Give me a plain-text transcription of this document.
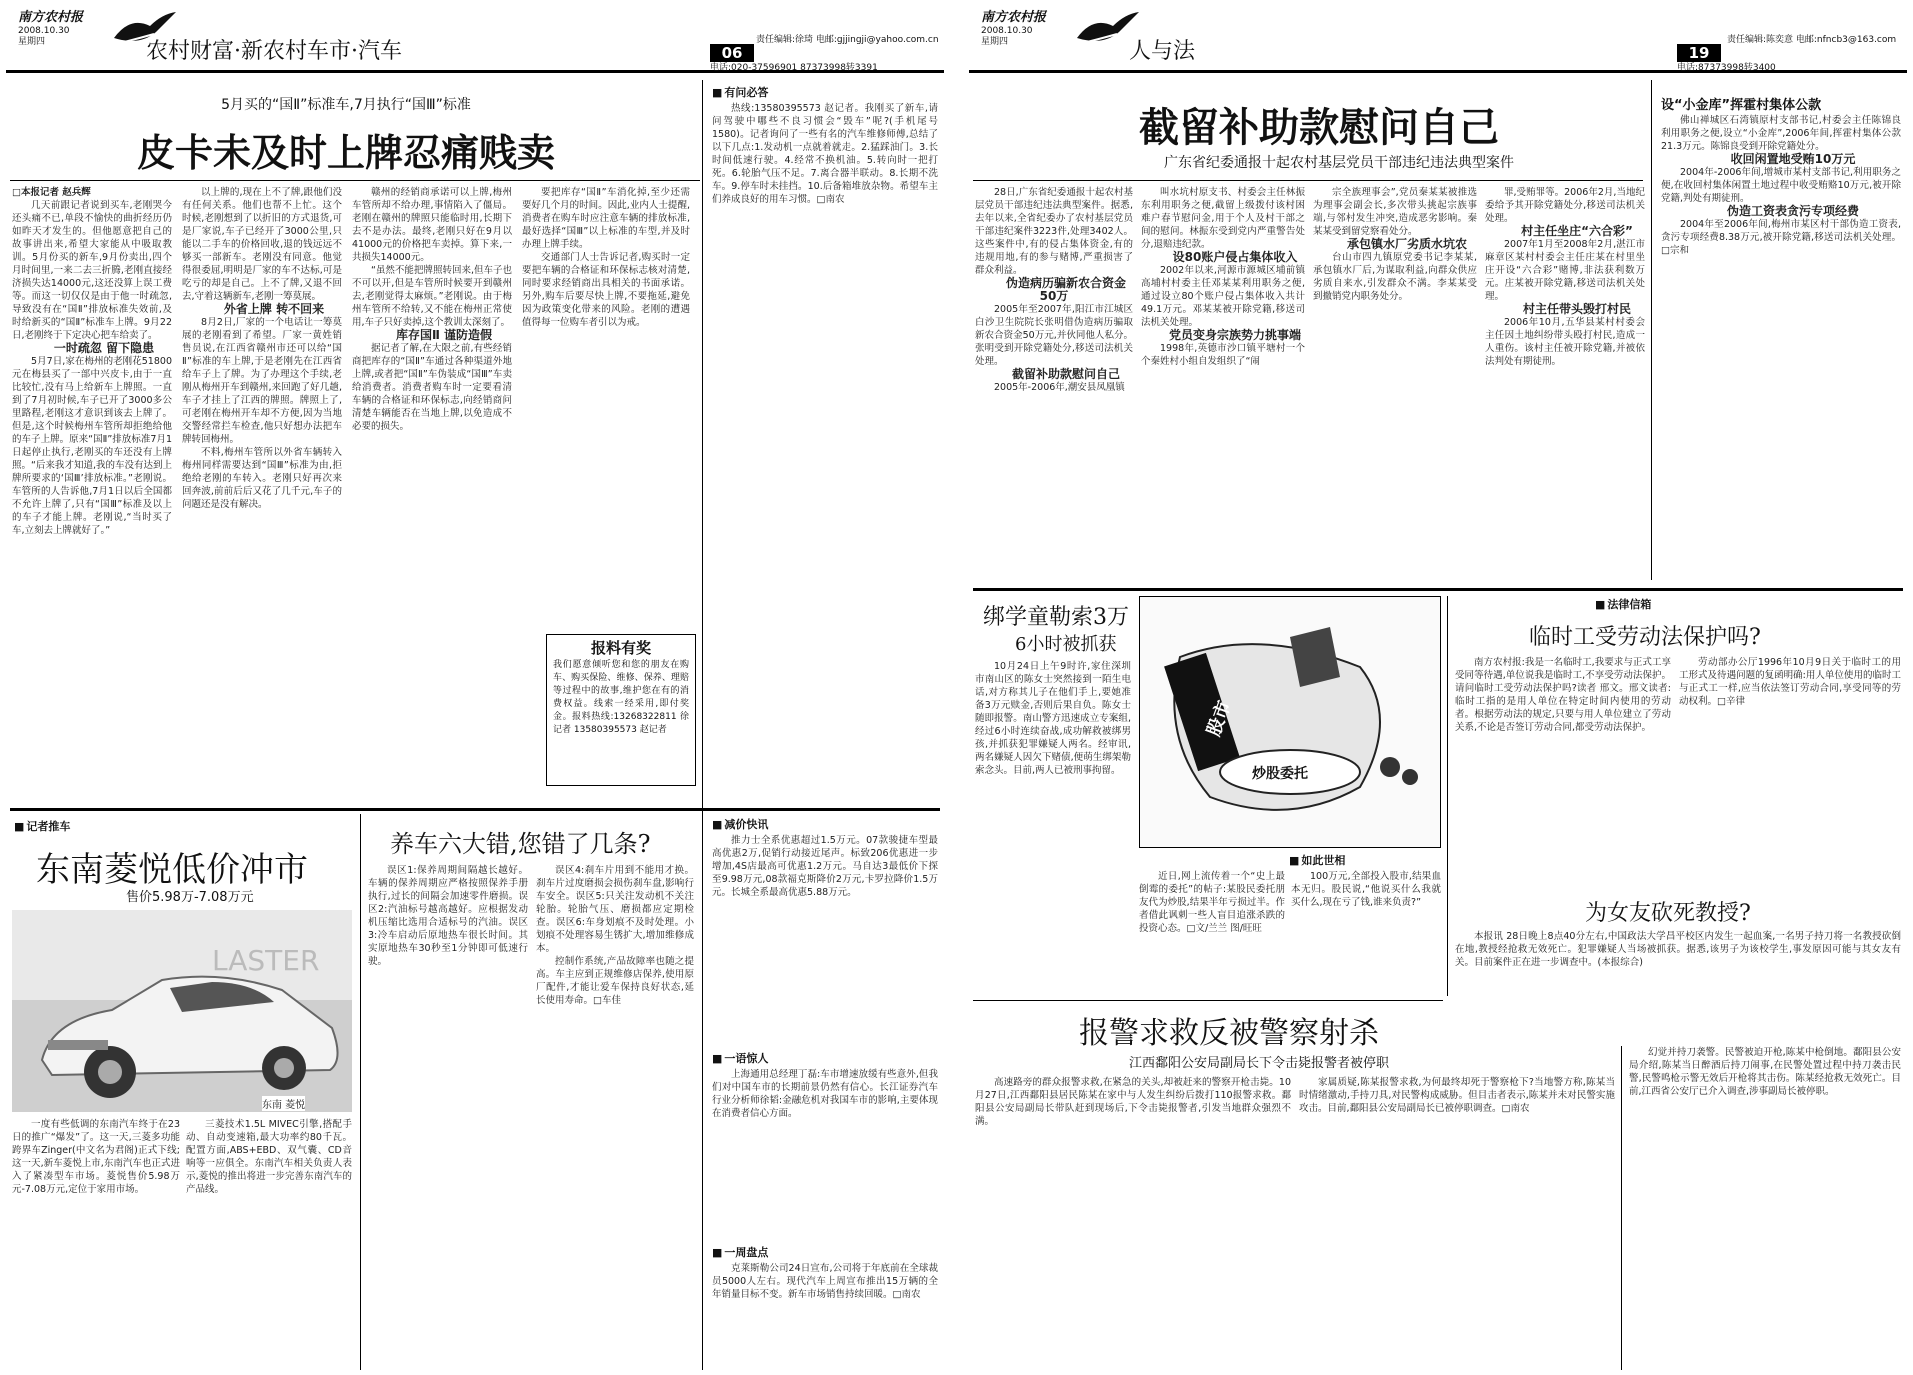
南方农村报
2008.10.30
星期四	农村财富·新农村车市·汽车	06
责任编辑:徐琦 电邮:gjjingji@yahoo.com.cn
电话:020-37596901 87373998转3391
5月买的“国Ⅱ”标准车,7月执行“国Ⅲ”标准
皮卡未及时上牌忍痛贱卖

□本报记者 赵兵辉

几天前跟记者说到买车,老刚哭今还头痛不已,单段不愉快的曲折经历仍如昨天才发生的。但他愿意把自己的故事讲出来,希望大家能从中吸取教训。5月份买的新车,9月份卖出,四个月时间里,一来二去三折腾,老刚直接经济损失达14000元,这还没算上误工费等。而这一切仅仅是由于他一时疏忽,导致没有在“国Ⅱ”排放标准失效前,及时给新买的“国Ⅱ”标准车上牌。9月22日,老刚终于下定决心把车给卖了。

一时疏忽 留下隐患

5月7日,家在梅州的老刚花51800元在梅县买了一部中兴皮卡,由于一直比较忙,没有马上给新车上牌照。一直到了7月初时候,车子已开了3000多公里路程,老刚这才意识到该去上牌了。但是,这个时候梅州车管所却拒绝给他的车子上牌。原来“国Ⅱ”排放标准7月1日起停止执行,老刚买的车还没有上牌照。“后来我才知道,我的车没有达到上牌所要求的‘国Ⅲ’排放标准。”老刚说。车管所的人告诉他,7月1日以后全国都不允许上牌了,只有“国Ⅲ”标准及以上的车子才能上牌。老刚说,“当时买了车,立刻去上牌就好了。”

以上牌的,现在上不了牌,跟他们没有任何关系。他们也帮不上忙。这个时候,老刚想到了以折旧的方式退货,可是厂家说,车子已经开了3000公里,只能以二手车的价格回收,退的钱远远不够买一部新车。老刚没有同意。他觉得很委屈,明明是厂家的车不达标,可是吃亏的却是自己。上不了牌,又退不回去,守着这辆新车,老刚一筹莫展。

外省上牌 转不回来

8月2日,厂家的一个电话让一筹莫展的老刚看到了希望。厂家一黄姓销售员说,在江西省赣州市还可以给“国Ⅱ”标准的车上牌,于是老刚先在江西省给车子上了牌。为了办理这个手续,老刚从梅州开车到赣州,来回跑了好几趟,车子才挂上了江西的牌照。牌照上了,可老刚在梅州开车却不方便,因为当地交警经常拦车检查,他只好想办法把车牌转回梅州。

不料,梅州车管所以外省车辆转入梅州同样需要达到“国Ⅲ”标准为由,拒绝给老刚的车转入。老刚只好再次来回奔波,前前后后又花了几千元,车子的问题还是没有解决。

赣州的经销商承诺可以上牌,梅州车管所却不给办理,事情陷入了僵局。老刚在赣州的牌照只能临时用,长期下去不是办法。最终,老刚只好在9月以41000元的价格把车卖掉。算下来,一共损失14000元。

“虽然不能把牌照转回来,但车子也不可以开,但是车管所时候要开到赣州去,老刚觉得太麻烦。”老刚说。由于梅州车管所不给转,又不能在梅州正常使用,车子只好卖掉,这个教训太深刻了。

库存国Ⅱ 谨防造假

据记者了解,在大限之前,有些经销商把库存的“国Ⅱ”车通过各种渠道外地上牌,或者把“国Ⅱ”车伪装成“国Ⅲ”车卖给消费者。消费者购车时一定要看清车辆的合格证和环保标志,向经销商问清楚车辆能否在当地上牌,以免造成不必要的损失。

要把库存“国Ⅱ”车消化掉,至少还需要好几个月的时间。因此,业内人士提醒,消费者在购车时应注意车辆的排放标准,最好选择“国Ⅲ”以上标准的车型,并及时办理上牌手续。

交通部门人士告诉记者,购买时一定要把车辆的合格证和环保标志核对清楚,同时要求经销商出具相关的书面承诺。另外,购车后要尽快上牌,不要拖延,避免因为政策变化带来的风险。老刚的遭遇值得每一位购车者引以为戒。

报料有奖
我们愿意倾听您和您的朋友在购车、购买保险、维修、保养、理赔等过程中的故事,维护您在有的消费权益。线索一经采用,即付奖金。报料热线:13268322811 徐记者 13580395573 赵记者
■ 有问必答

热线:13580395573 赵记者。我刚买了新车,请问驾驶中哪些不良习惯会“毁车”呢?(手机尾号1580)。记者询问了一些有名的汽车维修师傅,总结了以下几点:1.发动机一点就着就走。2.猛踩油门。3.长时间低速行驶。4.经常不换机油。5.转向时一把打死。6.轮胎气压不足。7.离合器半联动。8.长期不洗车。9.停车时未挂挡。10.后备箱堆放杂物。希望车主们养成良好的用车习惯。□南农

■ 记者推车
东南菱悦低价冲市
售价5.98万-7.08万元
LASTER
东南 菱悦

一度有些低调的东南汽车终于在23日的推广“爆发”了。这一天,三菱多功能跨界车Zinger(中文名为君阁)正式下线;这一天,新车菱悦上市,东南汽车也正式进入了紧凑型车市场。菱悦售价5.98万元-7.08万元,定位于家用市场。

三菱技术1.5L MIVEC引擎,搭配手动、自动变速箱,最大功率约80千瓦。配置方面,ABS+EBD、双气囊、CD音响等一应俱全。东南汽车相关负责人表示,菱悦的推出将进一步完善东南汽车的产品线。

养车六大错,您错了几条?

误区1:保养周期间隔越长越好。车辆的保养周期应严格按照保养手册执行,过长的间隔会加速零件磨损。误区2:汽油标号越高越好。应根据发动机压缩比选用合适标号的汽油。误区3:冷车启动后原地热车很长时间。其实原地热车30秒至1分钟即可低速行驶。

误区4:刹车片用到不能用才换。刹车片过度磨损会损伤刹车盘,影响行车安全。误区5:只关注发动机不关注轮胎。轮胎气压、磨损都应定期检查。误区6:车身划痕不及时处理。小划痕不处理容易生锈扩大,增加维修成本。

控制作系统,产品故障率也随之提高。车主应到正规维修店保养,使用原厂配件,才能让爱车保持良好状态,延长使用寿命。□车佳

■ 减价快讯

推力士全系优惠超过1.5万元。07款骏捷车型最高优惠2万,促销行动接近尾声。标致206优惠进一步增加,4S店最高可优惠1.2万元。马自达3最低价下探至9.98万元,08款福克斯降价2万元,卡罗拉降价1.5万元。长城全系最高优惠5.88万元。

■ 一语惊人

上海通用总经理丁磊:车市增速放缓有些意外,但我们对中国车市的长期前景仍然有信心。长江证券汽车行业分析师徐韬:金融危机对我国车市的影响,主要体现在消费者信心方面。

■ 一周盘点

克莱斯勒公司24日宣布,公司将于年底前在全球裁员5000人左右。现代汽车上周宣布推出15万辆的全年销量目标不变。新车市场销售持续回暖。□南农

南方农村报
2008.10.30
星期四	人与法	19
责任编辑:陈奕意 电邮:nfncb3@163.com
电话:87373998转3400
截留补助款慰问自己
广东省纪委通报十起农村基层党员干部违纪违法典型案件

28日,广东省纪委通报十起农村基层党员干部违纪违法典型案件。据悉,去年以来,全省纪委办了农村基层党员干部违纪案件3223件,处理3402人。这些案件中,有的侵占集体资金,有的违规用地,有的参与赌博,严重损害了群众利益。

伪造病历骗新农合资金50万

2005年至2007年,阳江市江城区白沙卫生院院长张明借伪造病历骗取新农合资金50万元,并伙同他人私分。张明受到开除党籍处分,移送司法机关处理。

截留补助款慰问自己

2005年-2006年,潮安县凤凰镇

叫水坑村原支书、村委会主任林振东利用职务之便,截留上级拨付该村困难户春节慰问金,用于个人及村干部之间的慰问。林振东受到党内严重警告处分,退赔违纪款。

设80账户侵占集体收入

2002年以来,河源市源城区埔前镇高埔村村委主任邓某某利用职务之便,通过设立80个账户侵占集体收入共计49.1万元。邓某某被开除党籍,移送司法机关处理。

党员变身宗族势力挑事端

1998年,英德市沙口镇平塘村一个个秦姓村小组自发组织了“闹

宗全族理事会”,党员秦某某被推选为理事会副会长,多次带头挑起宗族事端,与邻村发生冲突,造成恶劣影响。秦某某受到留党察看处分。

承包镇水厂劣质水坑农

台山市四九镇原党委书记李某某,承包镇水厂后,为谋取利益,向群众供应劣质自来水,引发群众不满。李某某受到撤销党内职务处分。

罪,受贿罪等。2006年2月,当地纪委给予其开除党籍处分,移送司法机关处理。

村主任坐庄“六合彩”

2007年1月至2008年2月,湛江市麻章区某村村委会主任庄某在村里坐庄开设“六合彩”赌博,非法获利数万元。庄某被开除党籍,移送司法机关处理。

村主任带头毁打村民

2006年10月,五华县某村村委会主任因土地纠纷带头殴打村民,造成一人重伤。该村主任被开除党籍,并被依法判处有期徒刑。

设“小金库”挥霍村集体公款

佛山禅城区石湾镇原村支部书记,村委会主任陈锦良利用职务之便,设立“小金库”,2006年间,挥霍村集体公款21.3万元。陈锦良受到开除党籍处分。

收回闲置地受贿10万元

2004年-2006年间,增城市某村支部书记,利用职务之便,在收回村集体闲置土地过程中收受贿赂10万元,被开除党籍,判处有期徒刑。

伪造工资表贪污专项经费

2004年至2006年间,梅州市某区村干部伪造工资表,贪污专项经费8.38万元,被开除党籍,移送司法机关处理。□宗和

绑学童勒索3万
6小时被抓获

10月24日上午9时许,家住深圳市南山区的陈女士突然接到一陌生电话,对方称其儿子在他们手上,要她准备3万元赎金,否则后果自负。陈女士随即报警。南山警方迅速成立专案组,经过6小时连续奋战,成功解救被绑男孩,并抓获犯罪嫌疑人两名。经审讯,两名嫌疑人因欠下赌债,便萌生绑架勒索念头。目前,两人已被刑事拘留。

股市
炒股委托
■ 如此世相

近日,网上流传着一个“史上最倒霉的委托”的帖子:某股民委托朋友代为炒股,结果半年亏损过半。作者借此讽刺一些人盲目追涨杀跌的投资心态。□文/兰兰 图/旺旺

100万元,全部投入股市,结果血本无归。股民说,“他说买什么我就买什么,现在亏了钱,谁来负责?”

■ 法律信箱
临时工受劳动法保护吗?

南方农村报:我是一名临时工,我要求与正式工享受同等待遇,单位说我是临时工,不享受劳动法保护。请问临时工受劳动法保护吗?读者 邢文。邢文读者:临时工指的是用人单位在特定时间内使用的劳动者。根据劳动法的规定,只要与用人单位建立了劳动关系,不论是否签订劳动合同,都受劳动法保护。

劳动部办公厅1996年10月9日关于临时工的用工形式及待遇问题的复函明确:用人单位使用的临时工与正式工一样,应当依法签订劳动合同,享受同等的劳动权利。□辛律

为女友砍死教授?

本报讯 28日晚上8点40分左右,中国政法大学昌平校区内发生一起血案,一名男子持刀将一名教授砍倒在地,教授经抢救无效死亡。犯罪嫌疑人当场被抓获。据悉,该男子为该校学生,事发原因可能与其女友有关。目前案件正在进一步调查中。(本报综合)

报警求救反被警察射杀
江西鄱阳公安局副局长下令击毙报警者被停职

高速路旁的群众报警求救,在紧急的关头,却被赶来的警察开枪击毙。10月27日,江西鄱阳县居民陈某在家中与人发生纠纷后拨打110报警求救。鄱阳县公安局副局长带队赶到现场后,下令击毙报警者,引发当地群众强烈不满。

家属质疑,陈某报警求救,为何最终却死于警察枪下?当地警方称,陈某当时情绪激动,手持刀具,对民警构成威胁。但目击者表示,陈某并未对民警实施攻击。目前,鄱阳县公安局副局长已被停职调查。□南农

幻觉并持刀袭警。民警被迫开枪,陈某中枪倒地。鄱阳县公安局介绍,陈某当日醉酒后持刀闹事,在民警处置过程中持刀袭击民警,民警鸣枪示警无效后开枪将其击伤。陈某经抢救无效死亡。目前,江西省公安厅已介入调查,涉事副局长被停职。
